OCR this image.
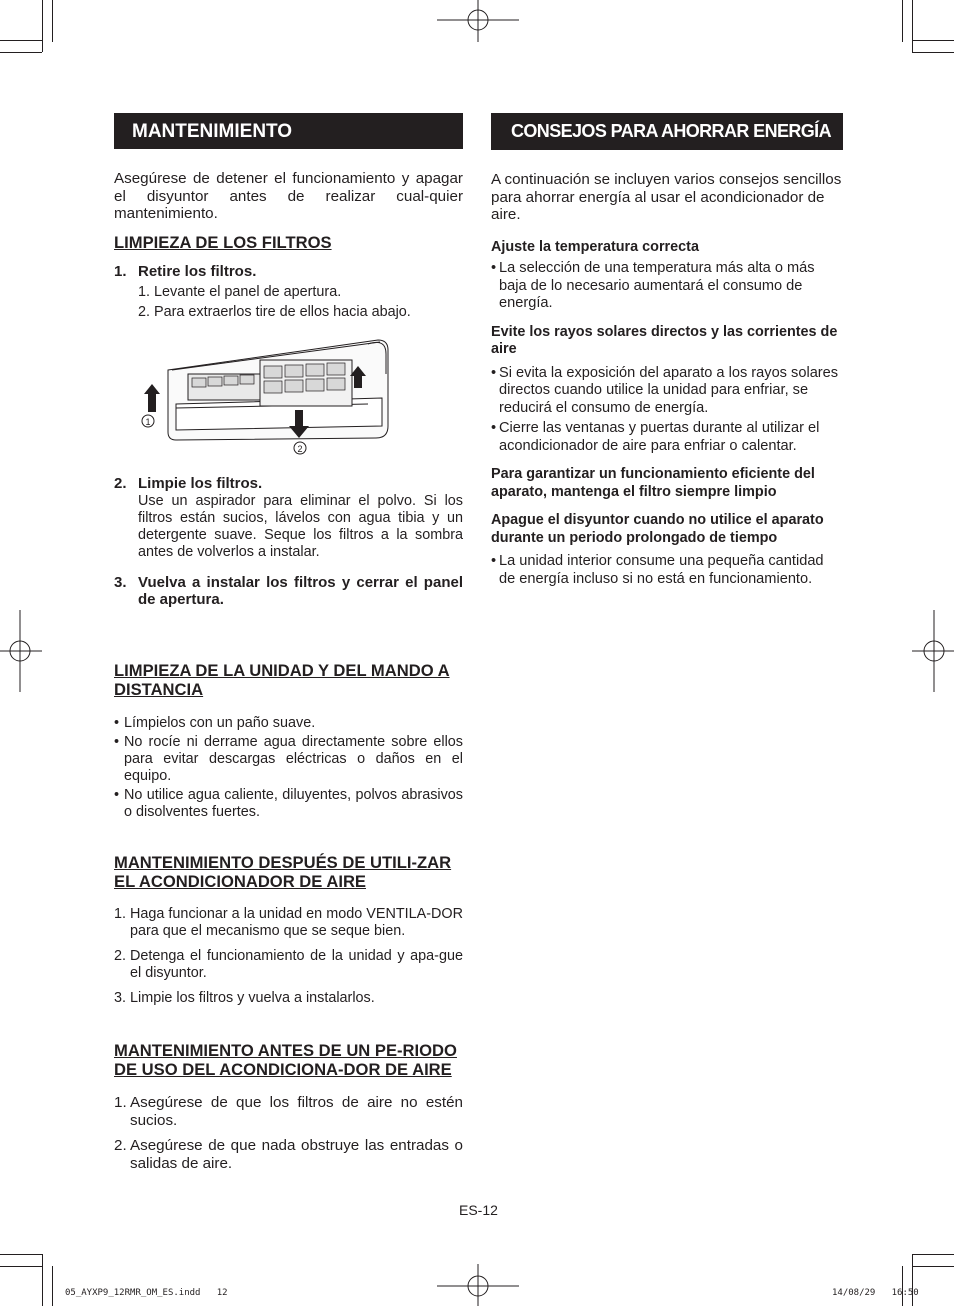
MANTENIMIENTO

Asegúrese de detener el funcionamiento y apagar el disyuntor antes de realizar cual-quier mantenimiento.

LIMPIEZA DE LOS FILTROS

1. Retire los filtros.

1. Levante el panel de apertura.

2. Para extraerlos tire de ellos hacia abajo.

1
2
2. Limpie los filtros.

Use un aspirador para eliminar el polvo. Si los filtros están sucios, lávelos con agua tibia y un detergente suave. Seque los filtros a la sombra antes de volverlos a instalar.

3. Vuelva a instalar los filtros y cerrar el panel de apertura.

LIMPIEZA DE LA UNIDAD Y DEL MANDO A DISTANCIA

• Límpielos con un paño suave.

• No rocíe ni derrame agua directamente sobre ellos para evitar descargas eléctricas o daños en el equipo.

• No utilice agua caliente, diluyentes, polvos abrasivos o disolventes fuertes.

MANTENIMIENTO DESPUÉS DE UTILI-ZAR EL ACONDICIONADOR DE AIRE

1. Haga funcionar a la unidad en modo VENTILA-DOR para que el mecanismo que se seque bien.
2. Detenga el funcionamiento de la unidad y apa-gue el disyuntor.
3. Limpie los filtros y vuelva a instalarlos.

MANTENIMIENTO ANTES DE UN PE-RIODO DE USO DEL ACONDICIONA-DOR DE AIRE

1. Asegúrese de que los filtros de aire no estén sucios.
2. Asegúrese de que nada obstruye las entradas o salidas de aire.
CONSEJOS PARA AHORRAR ENERGÍA

A continuación se incluyen varios consejos sencillos para ahorrar energía al usar el acondicionador de aire.

Ajuste la temperatura correcta

• La selección de una temperatura más alta o más baja de lo necesario aumentará el consumo de energía.

Evite los rayos solares directos y las corrientes de aire

• Si evita la exposición del aparato a los rayos solares directos cuando utilice la unidad para enfriar, se reducirá el consumo de energía.

• Cierre las ventanas y puertas durante al utilizar el acondicionador de aire para enfriar o calentar.

Para garantizar un funcionamiento eficiente del aparato, mantenga el filtro siempre limpio

Apague el disyuntor cuando no utilice el aparato durante un periodo prolongado de tiempo

• La unidad interior consume una pequeña cantidad de energía incluso si no está en funcionamiento.

ES-12
05_AYXP9_12RMR_OM_ES.indd   12	14/08/29   16:50
